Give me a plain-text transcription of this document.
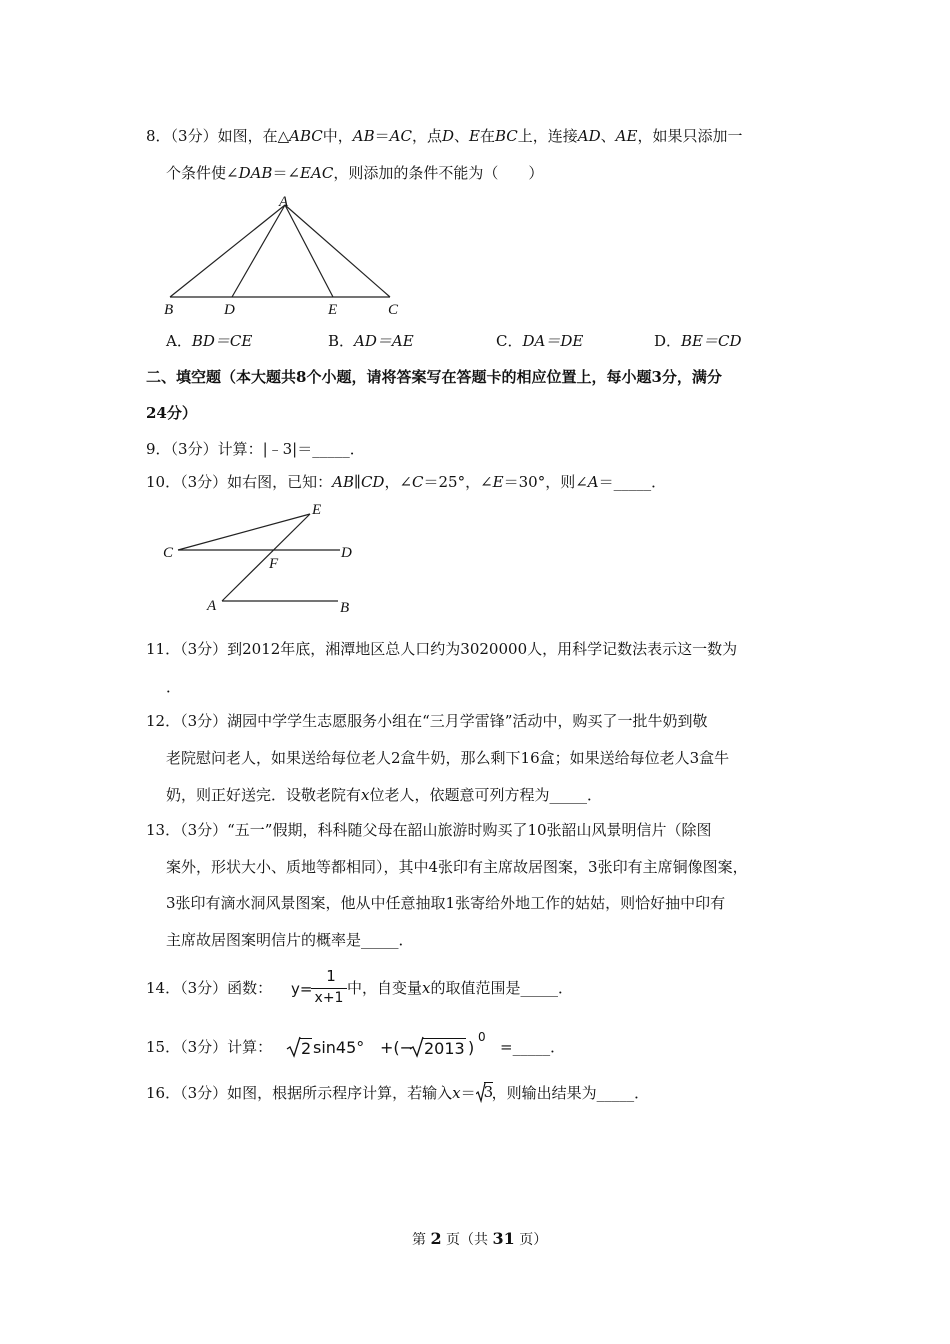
8．（3分）如图，在△ABC中，AB＝AC，点D、E在BC上，连接AD、AE，如果只添加一
个条件使∠DAB＝∠EAC，则添加的条件不能为（　　）
A
B	D	E	C
A．BD＝CE	B．AD＝AE	C．DA＝DE	D．BE＝CD
二、填空题（本大题共8个小题，请将答案写在答题卡的相应位置上，每小题3分，满分
24分）
9．（3分）计算：|﹣3|＝_____．
10．（3分）如右图，已知：AB∥CD，∠C＝25°，∠E＝30°，则∠A＝_____．
E
C	D
F
A	B
11．（3分）到2012年底，湘潭地区总人口约为3020000人，用科学记数法表示这一数为
．
12．（3分）湖园中学学生志愿服务小组在“三月学雷锋”活动中，购买了一批牛奶到敬
老院慰问老人，如果送给每位老人2盒牛奶，那么剩下16盒；如果送给每位老人3盒牛
奶，则正好送完．设敬老院有x位老人，依题意可列方程为_____．
13．（3分）“五一”假期，科科随父母在韶山旅游时购买了10张韶山风景明信片（除图
案外，形状大小、质地等都相同），其中4张印有主席故居图案，3张印有主席铜像图案，
3张印有滴水洞风景图案，他从中任意抽取1张寄给外地工作的姑姑，则恰好抽中印有
主席故居图案明信片的概率是_____．
14．（3分）函数： y=
1
x+1
中，自变量x的取值范围是_____．
15．（3分）计算： 2 sin45° +(− 2013 )
0
=_____．
16．（3分）如图，根据所示程序计算，若输入x＝ 3
，则输出结果为_____．
第 2 页（共 31 页）
